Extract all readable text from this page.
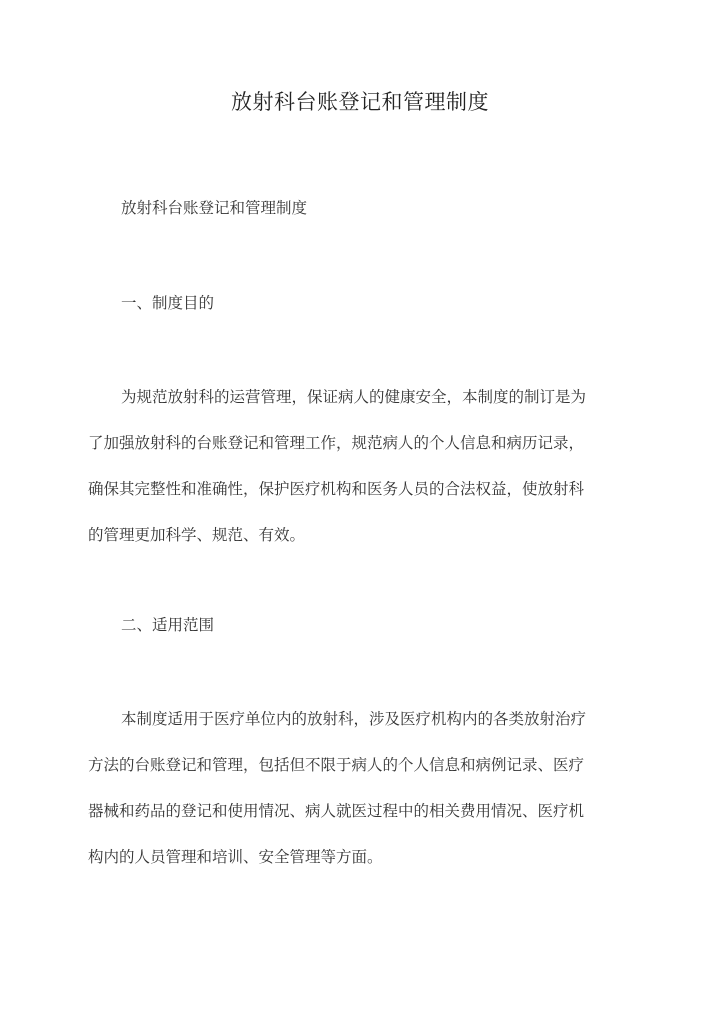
放射科台账登记和管理制度
放射科台账登记和管理制度
一、制度目的
为规范放射科的运营管理，保证病人的健康安全，本制度的制订是为
了加强放射科的台账登记和管理工作，规范病人的个人信息和病历记录，
确保其完整性和准确性，保护医疗机构和医务人员的合法权益，使放射科
的管理更加科学、规范、有效。
二、适用范围
本制度适用于医疗单位内的放射科，涉及医疗机构内的各类放射治疗
方法的台账登记和管理，包括但不限于病人的个人信息和病例记录、医疗
器械和药品的登记和使用情况、病人就医过程中的相关费用情况、医疗机
构内的人员管理和培训、安全管理等方面。
